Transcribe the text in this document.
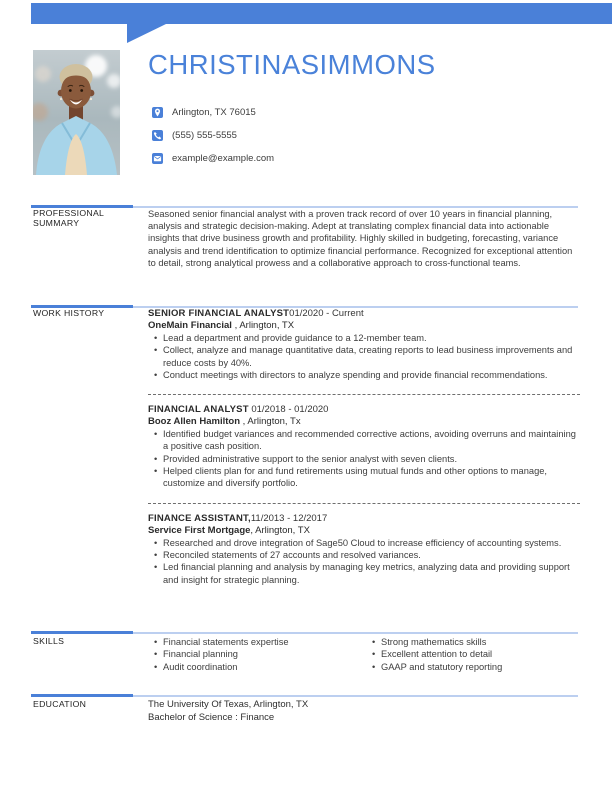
CHRISTINASIMMONS
Arlington, TX 76015
(555) 555-5555
example@example.com
PROFESSIONAL SUMMARY
Seasoned senior financial analyst with a proven track record of over 10 years in financial planning, analysis and strategic decision-making. Adept at translating complex financial data into actionable insights that drive business growth and profitability. Highly skilled in budgeting, forecasting, variance analysis and trend identification to optimize financial performance. Recognized for exceptional attention to detail, strong analytical prowess and a collaborative approach to cross-functional teams.
WORK HISTORY	SENIOR FINANCIAL ANALYST01/2020 - Current
OneMain Financial , Arlington, TX
• Lead a department and provide guidance to a 12-member team.
• Collect, analyze and manage quantitative data, creating reports to lead business improvements and reduce costs by 40%.
• Conduct meetings with directors to analyze spending and provide financial recommendations.
FINANCIAL ANALYST 01/2018 - 01/2020
Booz Allen Hamilton , Arlington, Tx
• Identified budget variances and recommended corrective actions, avoiding overruns and maintaining a positive cash position.
• Provided administrative support to the senior analyst with seven clients.
• Helped clients plan for and fund retirements using mutual funds and other options to manage, customize and diversify portfolio.
FINANCE ASSISTANT,11/2013 - 12/2017
Service First Mortgage, Arlington, TX
• Researched and drove integration of Sage50 Cloud to increase efficiency of accounting systems.
• Reconciled statements of 27 accounts and resolved variances.
• Led financial planning and analysis by managing key metrics, analyzing data and providing support and insight for strategic planning.
SKILLS	• Financial statements expertise
• Financial planning
• Audit coordination
• Strong mathematics skills
• Excellent attention to detail
• GAAP and statutory reporting
EDUCATION	The University Of Texas, Arlington, TX
Bachelor of Science : Finance
